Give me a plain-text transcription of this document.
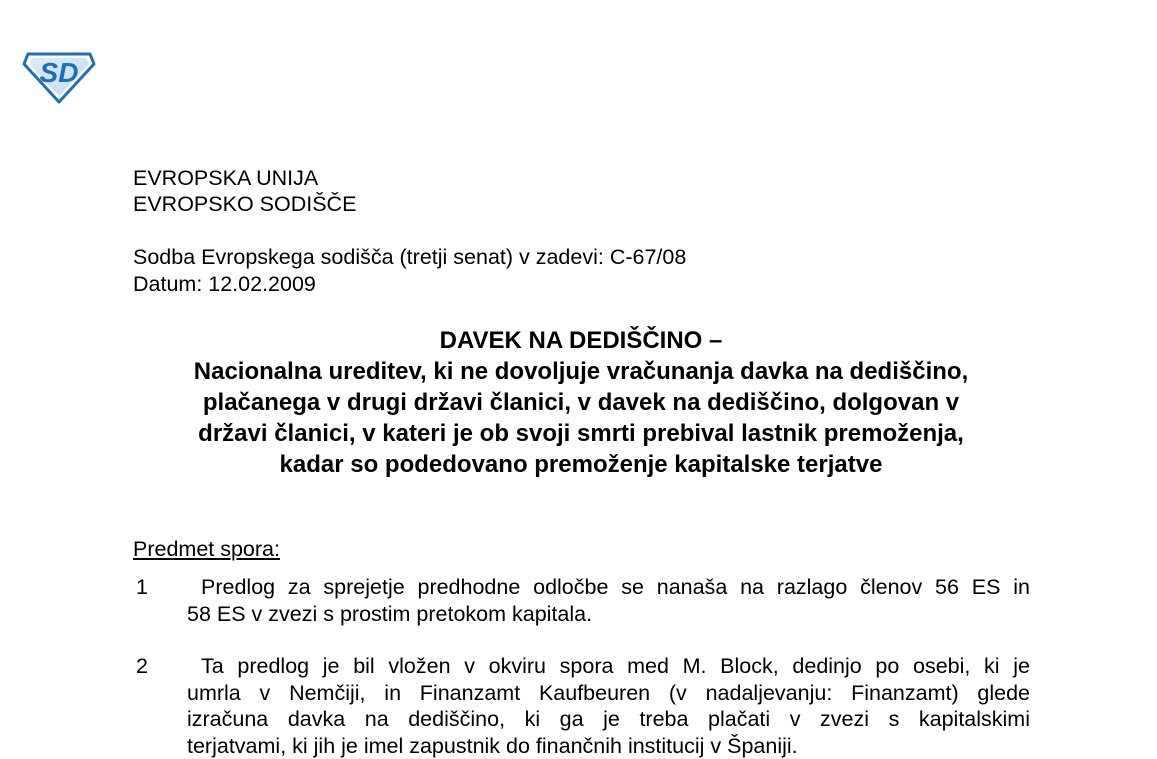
SD
EVROPSKA UNIJA
EVROPSKO SODIŠČE
Sodba Evropskega sodišča (tretji senat) v zadevi: C-67/08
Datum: 12.02.2009
DAVEK NA DEDIŠČINO –
Nacionalna ureditev, ki ne dovoljuje vračunanja davka na dediščino,
plačanega v drugi državi članici, v davek na dediščino, dolgovan v
državi članici, v kateri je ob svoji smrti prebival lastnik premoženja,
kadar so podedovano premoženje kapitalske terjatve
Predmet spora:
1	Predlog za sprejetje predhodne odločbe se nanaša na razlago členov 56 ES in
58 ES v zvezi s prostim pretokom kapitala.
2	Ta predlog je bil vložen v okviru spora med M. Block, dedinjo po osebi, ki je
umrla v Nemčiji, in Finanzamt Kaufbeuren (v nadaljevanju: Finanzamt) glede
izračuna davka na dediščino, ki ga je treba plačati v zvezi s kapitalskimi
terjatvami, ki jih je imel zapustnik do finančnih institucij v Španiji.
